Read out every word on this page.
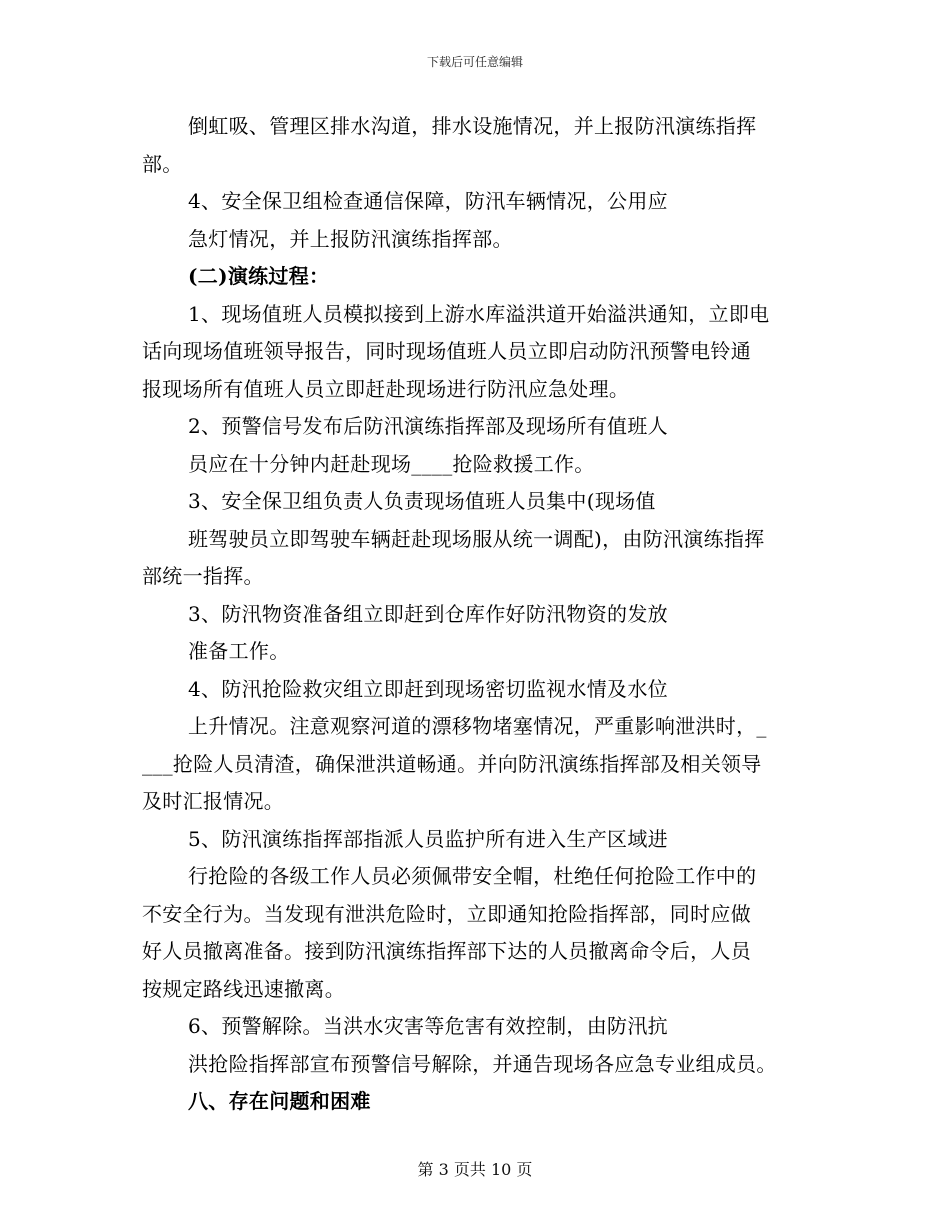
下载后可任意编辑
倒虹吸、管理区排水沟道，排水设施情况，并上报防汛演练指挥
部。
4、安全保卫组检查通信保障，防汛车辆情况，公用应
急灯情况，并上报防汛演练指挥部。
(二)演练过程：
1、现场值班人员模拟接到上游水库溢洪道开始溢洪通知，立即电
话向现场值班领导报告，同时现场值班人员立即启动防汛预警电铃通
报现场所有值班人员立即赶赴现场进行防汛应急处理。
2、预警信号发布后防汛演练指挥部及现场所有值班人
员应在十分钟内赶赴现场____抢险救援工作。
3、安全保卫组负责人负责现场值班人员集中(现场值
班驾驶员立即驾驶车辆赶赴现场服从统一调配)，由防汛演练指挥
部统一指挥。
3、防汛物资准备组立即赶到仓库作好防汛物资的发放
准备工作。
4、防汛抢险救灾组立即赶到现场密切监视水情及水位
上升情况。注意观察河道的漂移物堵塞情况，严重影响泄洪时，_
___抢险人员清渣，确保泄洪道畅通。并向防汛演练指挥部及相关领导
及时汇报情况。
5、防汛演练指挥部指派人员监护所有进入生产区域进
行抢险的各级工作人员必须佩带安全帽，杜绝任何抢险工作中的
不安全行为。当发现有泄洪危险时，立即通知抢险指挥部，同时应做
好人员撤离准备。接到防汛演练指挥部下达的人员撤离命令后，人员
按规定路线迅速撤离。
6、预警解除。当洪水灾害等危害有效控制，由防汛抗
洪抢险指挥部宣布预警信号解除，并通告现场各应急专业组成员。
八、存在问题和困难
第 3 页共 10 页
